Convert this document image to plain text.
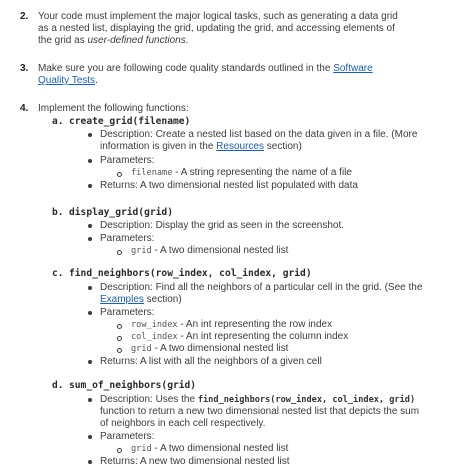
2. Your code must implement the major logical tasks, such as generating a data grid
as a nested list, displaying the grid, updating the grid, and accessing elements of
the grid as user-defined functions.
3. Make sure you are following code quality standards outlined in the Software
Quality Tests.
4. Implement the following functions:
a. create_grid(filename)
Description: Create a nested list based on the data given in a file. (More
information is given in the Resources section)
Parameters:
filename - A string representing the name of a file
Returns: A two dimensional nested list populated with data
b. display_grid(grid)
Description: Display the grid as seen in the screenshot.
Parameters:
grid - A two dimensional nested list
c. find_neighbors(row_index, col_index, grid)
Description: Find all the neighbors of a particular cell in the grid. (See the
Examples section)
Parameters:
row_index - An int representing the row index
col_index - An int representing the column index
grid - A two dimensional nested list
Returns: A list with all the neighbors of a given cell
d. sum_of_neighbors(grid)
Description: Uses the find_neighbors(row_index, col_index, grid)
function to return a new two dimensional nested list that depicts the sum
of neighbors in each cell respectively.
Parameters:
grid - A two dimensional nested list
Returns: A new two dimensional nested list
